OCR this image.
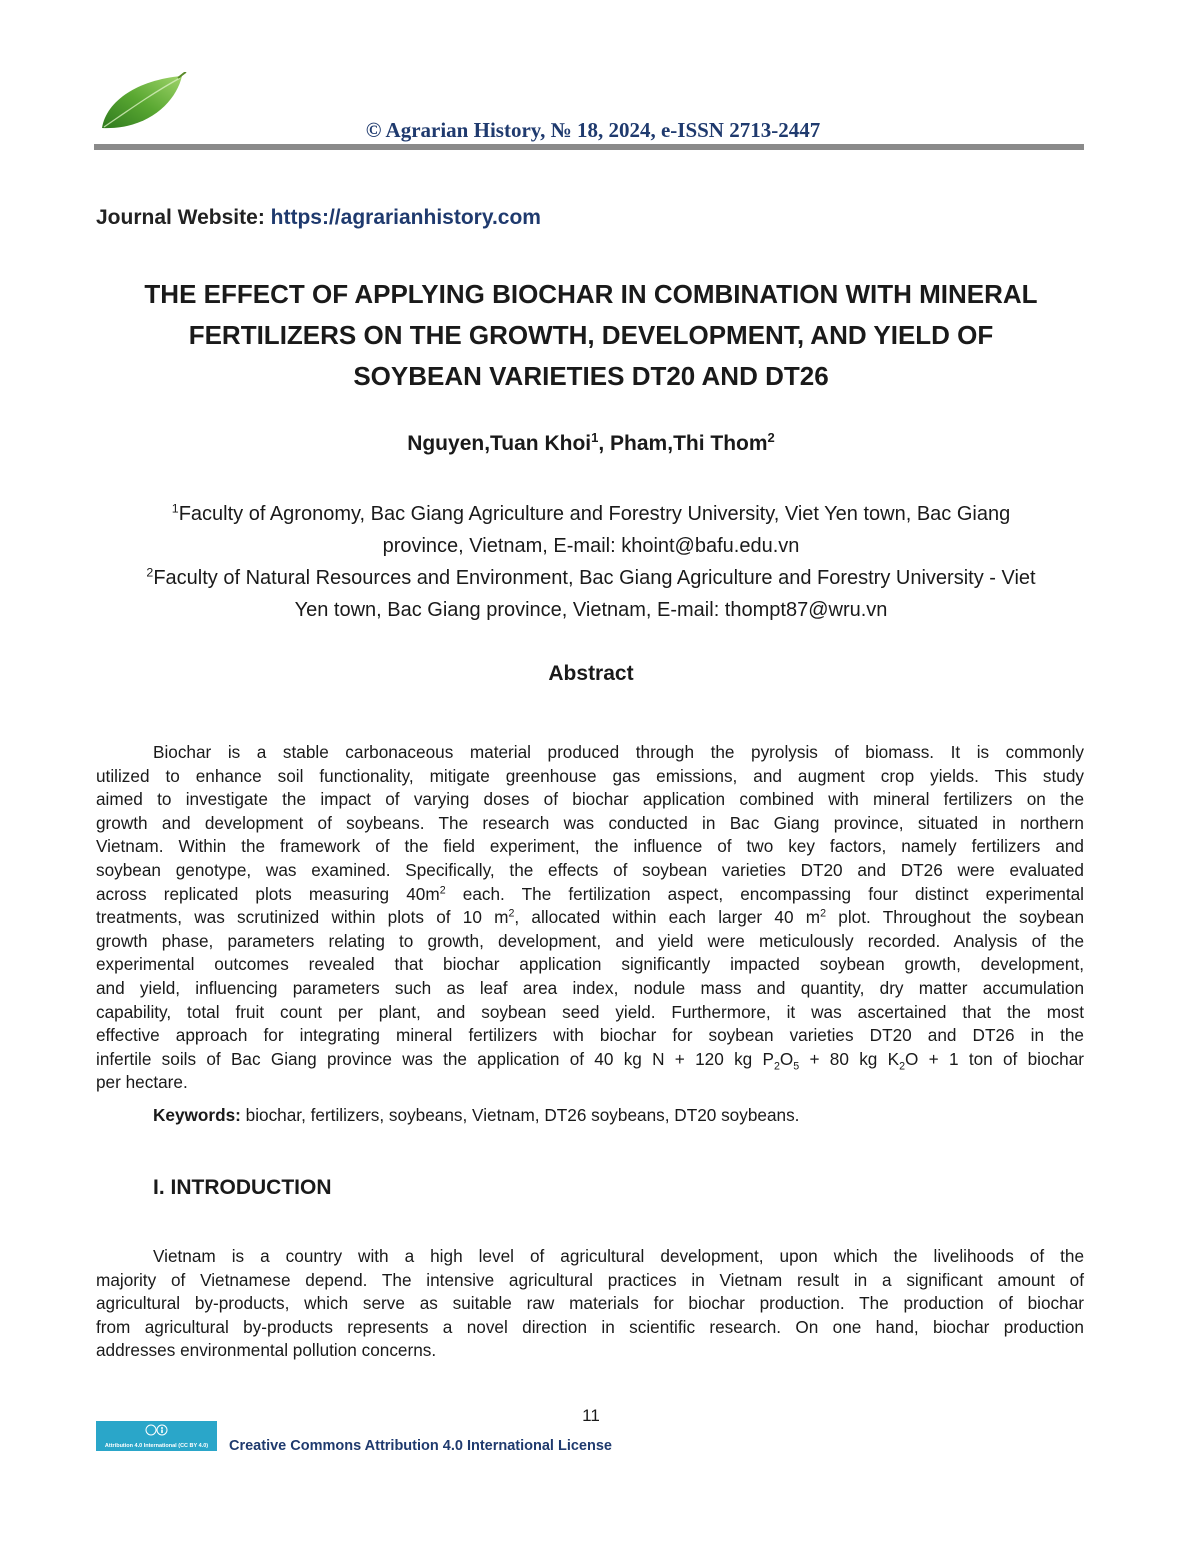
© Agrarian History, № 18, 2024, e-ISSN 2713-2447
Journal Website: https://agrarianhistory.com
THE EFFECT OF APPLYING BIOCHAR IN COMBINATION WITH MINERAL
FERTILIZERS ON THE GROWTH, DEVELOPMENT, AND YIELD OF
SOYBEAN VARIETIES DT20 AND DT26
Nguyen,Tuan Khoi$^1$, Pham,Thi Thom$^2$
$^1$Faculty of Agronomy, Bac Giang Agriculture and Forestry University, Viet Yen town, Bac Giang
province, Vietnam, E-mail: khoint@bafu.edu.vn
$^2$Faculty of Natural Resources and Environment, Bac Giang Agriculture and Forestry University - Viet
Yen town, Bac Giang province, Vietnam, E-mail: thompt87@wru.vn
Abstract
Biochar is a stable carbonaceous material produced through the pyrolysis of biomass. It is commonly
utilized to enhance soil functionality, mitigate greenhouse gas emissions, and augment crop yields. This study
aimed to investigate the impact of varying doses of biochar application combined with mineral fertilizers on the
growth and development of soybeans. The research was conducted in Bac Giang province, situated in northern
Vietnam. Within the framework of the field experiment, the influence of two key factors, namely fertilizers and
soybean genotype, was examined. Specifically, the effects of soybean varieties DT20 and DT26 were evaluated
across replicated plots measuring $40m^2$ each. The fertilization aspect, encompassing four distinct experimental
treatments, was scrutinized within plots of 10 $m^2$, allocated within each larger 40 $m^2$ plot. Throughout the soybean
growth phase, parameters relating to growth, development, and yield were meticulously recorded. Analysis of the
experimental outcomes revealed that biochar application significantly impacted soybean growth, development,
and yield, influencing parameters such as leaf area index, nodule mass and quantity, dry matter accumulation
capability, total fruit count per plant, and soybean seed yield. Furthermore, it was ascertained that the most
effective approach for integrating mineral fertilizers with biochar for soybean varieties DT20 and DT26 in the
infertile soils of Bac Giang province was the application of 40 kg N + 120 kg $P_2O_5 + 80$ kg $K_2O + 1$ ton of biochar
per hectare.
Keywords: biochar, fertilizers, soybeans, Vietnam, DT26 soybeans, DT20 soybeans.
I. INTRODUCTION
Vietnam is a country with a high level of agricultural development, upon which the livelihoods of the
majority of Vietnamese depend. The intensive agricultural practices in Vietnam result in a significant amount of
agricultural by-products, which serve as suitable raw materials for biochar production. The production of biochar
from agricultural by-products represents a novel direction in scientific research. On one hand, biochar production
addresses environmental pollution concerns.
11
Attribution 4.0 International (CC BY 4.0)	Creative Commons Attribution 4.0 International License
